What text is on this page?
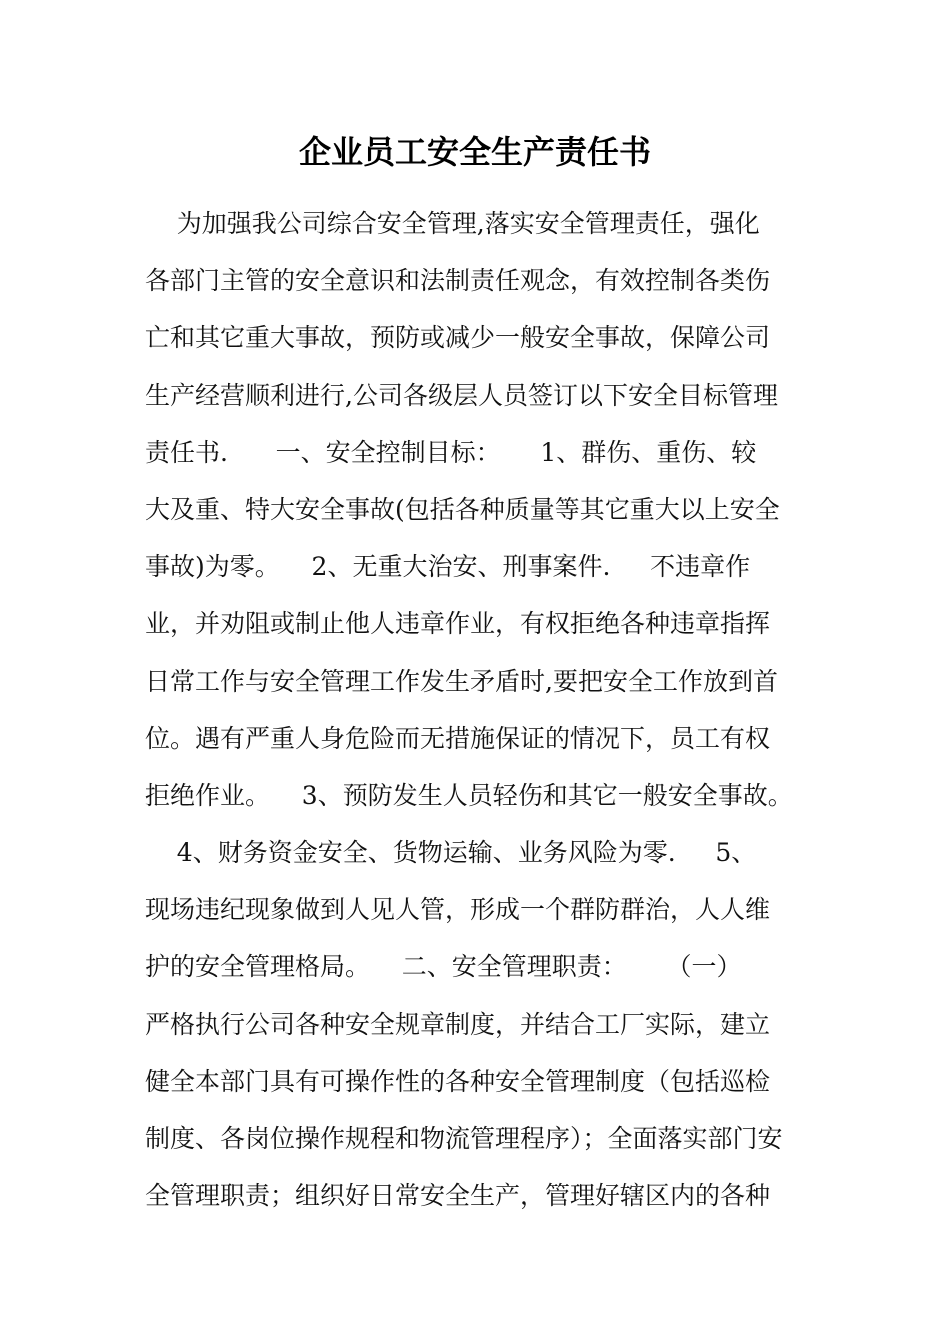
企业员工安全生产责任书
为加强我公司综合安全管理,落实安全管理责任，强化
各部门主管的安全意识和法制责任观念，有效控制各类伤
亡和其它重大事故，预防或减少一般安全事故，保障公司
生产经营顺利进行,公司各级层人员签订以下安全目标管理
责任书.      一、安全控制目标：     1、群伤、重伤、较
大及重、特大安全事故(包括各种质量等其它重大以上安全
事故)为零。    2、无重大治安、刑事案件.     不违章作
业，并劝阻或制止他人违章作业，有权拒绝各种违章指挥
日常工作与安全管理工作发生矛盾时,要把安全工作放到首
位。遇有严重人身危险而无措施保证的情况下，员工有权
拒绝作业。    3、预防发生人员轻伤和其它一般安全事故。
4、财务资金安全、货物运输、业务风险为零.     5、
现场违纪现象做到人见人管，形成一个群防群治，人人维
护的安全管理格局。    二、安全管理职责：     （一）
严格执行公司各种安全规章制度，并结合工厂实际，建立
健全本部门具有可操作性的各种安全管理制度（包括巡检
制度、各岗位操作规程和物流管理程序）；全面落实部门安
全管理职责；组织好日常安全生产，管理好辖区内的各种
